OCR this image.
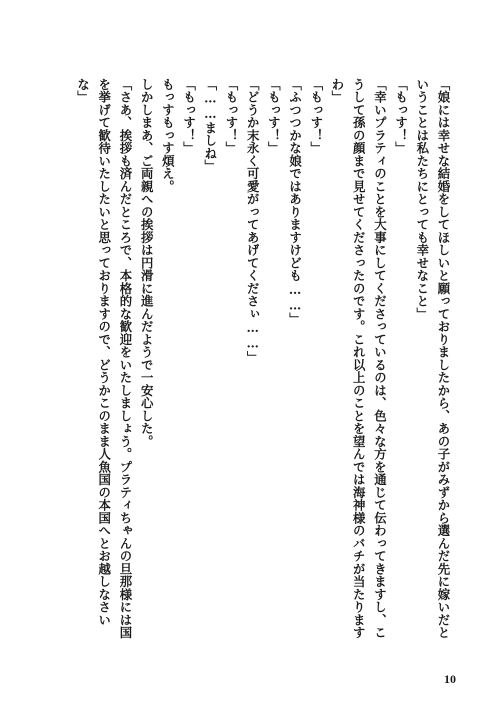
「娘には幸せな結婚をしてほしいと願っておりましたから、あの子がみずから選んだ先に嫁いだと
いうことは私たちにとっても幸せなこと」
「もっす！」
「幸いプラティのことを大事にしてくださっているのは、色々な方を通じて伝わってきますし、こ
うして孫の顔まで見せてくださったのです。これ以上のことを望んでは海神様のバチが当たります
わ」
「もっす！」
「ふつつかな娘ではありますけども……」
「もっす！」
「どうか末永く可愛がってあげてくださぃ……」
「もっす！」
「……ましね」
「もっす！」
もっすもっす煩え。
しかしまあ、ご両親への挨拶は円滑に進んだようで一安心した。
「さあ、挨拶も済んだところで、本格的な歓迎をいたしましょう。プラティちゃんの旦那様には国
を挙げて歓待いたしたいと思っておりますので、どうかこのまま人魚国の本国へとお越しなさい
な」
10
